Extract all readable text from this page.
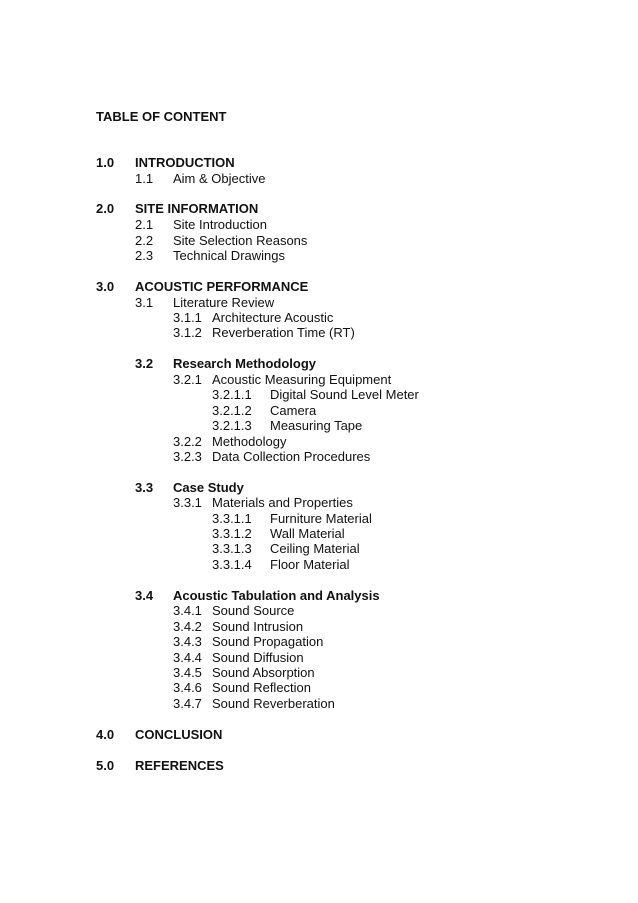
TABLE OF CONTENT
1.0 INTRODUCTION
1.1 Aim & Objective
2.0 SITE INFORMATION
2.1 Site Introduction
2.2 Site Selection Reasons
2.3 Technical Drawings
3.0 ACOUSTIC PERFORMANCE
3.1 Literature Review
3.1.1 Architecture Acoustic
3.1.2 Reverberation Time (RT)
3.2 Research Methodology
3.2.1 Acoustic Measuring Equipment
3.2.1.1 Digital Sound Level Meter
3.2.1.2 Camera
3.2.1.3 Measuring Tape
3.2.2 Methodology
3.2.3 Data Collection Procedures
3.3 Case Study
3.3.1 Materials and Properties
3.3.1.1 Furniture Material
3.3.1.2 Wall Material
3.3.1.3 Ceiling Material
3.3.1.4 Floor Material
3.4 Acoustic Tabulation and Analysis
3.4.1 Sound Source
3.4.2 Sound Intrusion
3.4.3 Sound Propagation
3.4.4 Sound Diffusion
3.4.5 Sound Absorption
3.4.6 Sound Reflection
3.4.7 Sound Reverberation
4.0 CONCLUSION
5.0 REFERENCES
